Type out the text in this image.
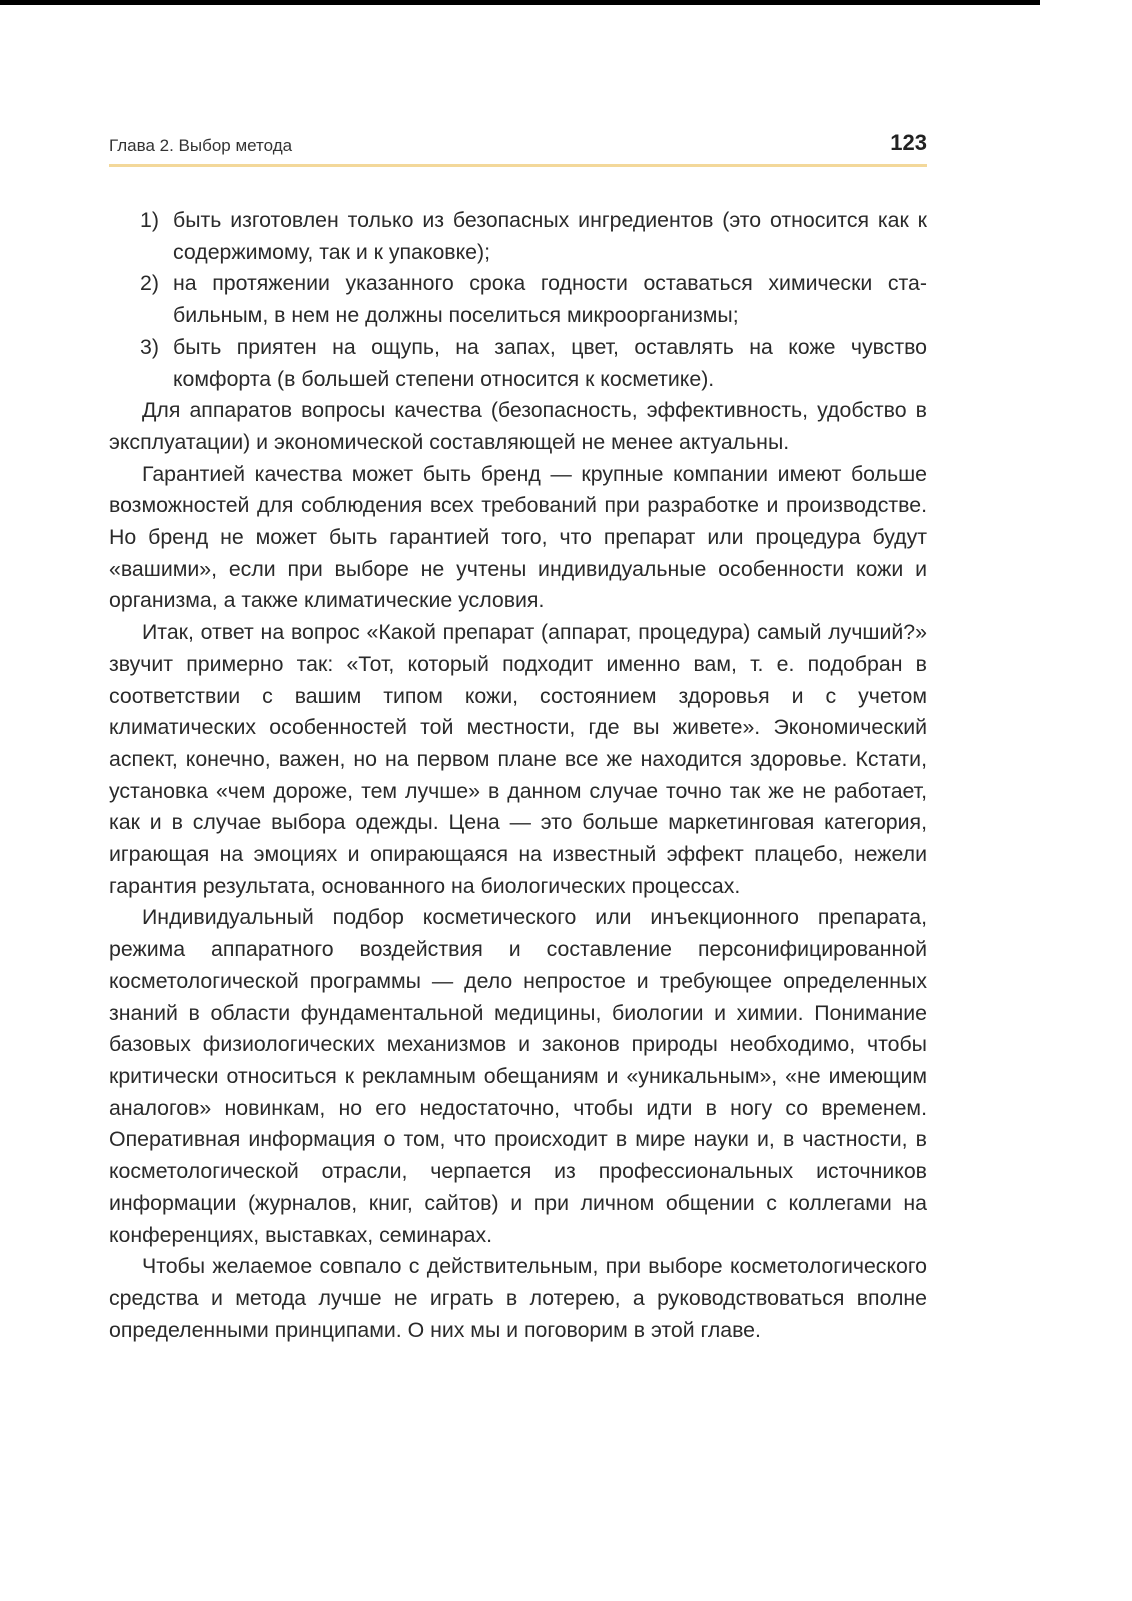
Глава 2. Выбор метода	123
1) быть изготовлен только из безопасных ингредиентов (это относится как к содержимому, так и к упаковке);
2) на протяжении указанного срока годности оставаться химически стабильным, в нем не должны поселиться микроорганизмы;
3) быть приятен на ощупь, на запах, цвет, оставлять на коже чувство комфорта (в большей степени относится к косметике).

Для аппаратов вопросы качества (безопасность, эффективность, удобство в эксплуатации) и экономической составляющей не менее актуальны.

Гарантией качества может быть бренд — крупные компании имеют больше возможностей для соблюдения всех требований при разработке и производстве. Но бренд не может быть гарантией того, что препарат или процедура будут «вашими», если при выборе не учтены индивидуальные особенности кожи и организма, а также климатические условия.

Итак, ответ на вопрос «Какой препарат (аппарат, процедура) самый лучший?» звучит примерно так: «Тот, который подходит именно вам, т. е. подобран в соответствии с вашим типом кожи, состоянием здоровья и с учетом климатических особенностей той местности, где вы живете». Экономический аспект, конечно, важен, но на первом плане все же находится здоровье. Кстати, установка «чем дороже, тем лучше» в данном случае точно так же не работает, как и в случае выбора одежды. Цена — это больше маркетинговая категория, играющая на эмоциях и опирающаяся на известный эффект плацебо, нежели гарантия результата, основанного на биологических процессах.

Индивидуальный подбор косметического или инъекционного препарата, режима аппаратного воздействия и составление персонифицированной косметологической программы — дело непростое и требующее определенных знаний в области фундаментальной медицины, биологии и химии. Понимание базовых физиологических механизмов и законов природы необходимо, чтобы критически относиться к рекламным обещаниям и «уникальным», «не имеющим аналогов» новинкам, но его недостаточно, чтобы идти в ногу со временем. Оперативная информация о том, что происходит в мире науки и, в частности, в косметологической отрасли, черпается из профессиональных источников информации (журналов, книг, сайтов) и при личном общении с коллегами на конференциях, выставках, семинарах.

Чтобы желаемое совпало с действительным, при выборе косметологического средства и метода лучше не играть в лотерею, а руководствоваться вполне определенными принципами. О них мы и поговорим в этой главе.
